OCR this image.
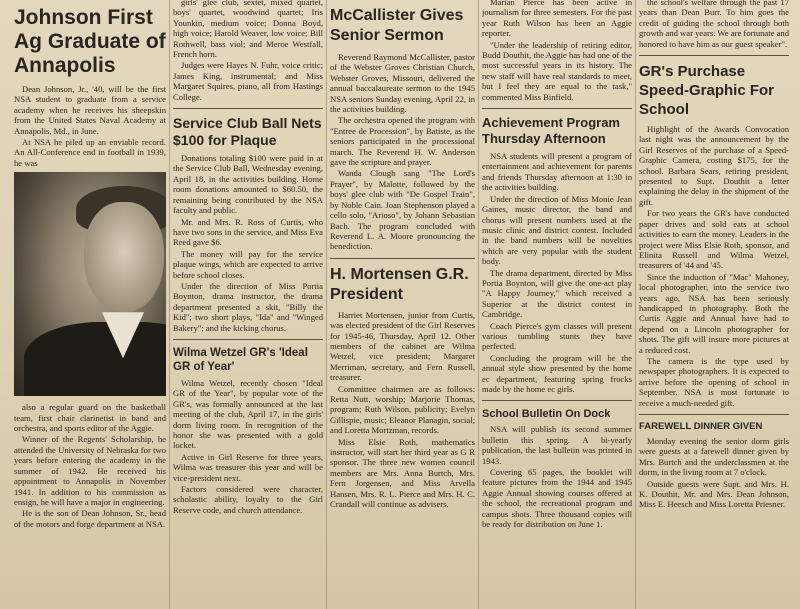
Johnson First Ag Graduate of Annapolis

Dean Johnson, Jr., '40, will be the first NSA student to graduate from a service academy when he receives his sheepskin from the United States Naval Academy at Annapolis, Md., in June.

At NSA he piled up an enviable record. An All-Conference end in football in 1939, he was

also a regular guard on the basketball team, first chair clarinetist in band and orchestra, and sports editor of the Aggie.

Winner of the Regents' Scholarship, he attended the University of Nebraska for two years before entering the academy in the summer of 1942. He received his appointment to Annapolis in November 1941. In addition to his commission as ensign, he will have a major in engineering.

He is the son of Dean Johnson, Sr., head of the motors and forge department at NSA.

girls' glee club, sextet, mixed quartet, boys' quartet, woodwind quartet; Iris Younkin, medium voice; Donna Boyd, high voice; Harold Weaver, low voice; Bill Rothwell, bass viol; and Meroe Westfall, French horn.

Judges were Hayes N. Fuhr, voice critic; James King, instrumental; and Miss Margaret Squires, piano, all from Hastings College.

Service Club Ball Nets $100 for Plaque

Donations totaling $100 were paid in at the Service Club Ball, Wednesday evening, April 18, in the activities building. Home room donations amounted to $60.50, the remaining being contributed by the NSA faculty and public.

Mr. and Mrs. R. Ross of Curtis, who have two sons in the service, and Miss Eva Reed gave $6.

The money will pay for the service plaque wings, which are expected to arrive before school closes.

Under the direction of Miss Portia Boynton, drama instructor, the drama department presented a skit, "Billy the Kid"; two short plays, "Ida" and "Winged Bakery"; and the kicking chorus.

Wilma Wetzel GR's 'Ideal GR of Year'

Wilma Wetzel, recently chosen "Ideal GR of the Year", by popular vote of the GR's, was formally announced at the last meeting of the club, April 17, in the girls' dorm living room. In recognition of the honor she was presented with a gold locket.

Active in Girl Reserve for three years, Wilma was treasurer this year and will be vice-president next.

Factors considered were character, scholastic ability, loyalty to the Girl Reserve code, and church attendance.

McCallister Gives Senior Sermon

Reverend Raymond McCallister, pastor of the Webster Groves Christian Church, Webster Groves, Missouri, delivered the annual baccalaureate sermon to the 1945 NSA seniors Sunday evening, April 22, in the activities building.

The orchestra opened the program with "Entree de Procession", by Batiste, as the seniors participated in the processional march. The Reverend H. W. Anderson gave the scripture and prayer.

Wanda Clough sang "The Lord's Prayer", by Malotte, followed by the boys' glee club with "De Gospel Train", by Noble Cain. Joan Stephenson played a cello solo, "Arioso", by Johann Sebastian Bach. The program concluded with Reverend L. A. Moore pronouncing the benediction.

H. Mortensen G.R. President

Harriet Mortensen, junior from Curtis, was elected president of the Girl Reserves for 1945-46, Thursday, April 12. Other members of the cabinet are Wilma Wetzel, vice president; Margaret Merriman, secretary, and Fern Russell, treasurer.

Committee chairmen are as follows: Retta Nutt, worship; Marjorie Thomas, program; Ruth Wilson, publicity; Evelyn Gillispie, music; Eleanor Planagin, social; and Loretta Mortzman, records.

Miss Elsie Roth, mathematics instructor, will start her third year as G R sponsor. The three new women council members are Mrs. Anna Burtch, Mrs. Fern Jorgensen, and Miss Arvella Hansen, Mrs. R. L. Pierce and Mrs. H. C. Crandall will continue as advisers.

Marian Pierce has been active in journalism for three semesters. For the past year Ruth Wilson has been an Aggie reporter.

"Under the leadership of retiring editor, Budd Douthit, the Aggie has had one of the most successful years in its history. The new staff will have real standards to meet, but I feel they are equal to the task," commented Miss Binfield.

Achievement Program Thursday Afternoon

NSA students will present a program of entertainment and achievement for parents and friends Thursday afternoon at 1:30 in the activities building.

Under the direction of Miss Monie Jean Gaines, music director, the band and chorus will present numbers used at the music clinic and district contest. Included in the band numbers will be novelties which are very popular with the student body.

The drama department, directed by Miss Portia Boynton, will give the one-act play "A Happy Journey," which received a Superior at the district contest in Cambridge.

Coach Pierce's gym classes will present various tumbling stunts they have perfected.

Concluding the program will be the annual style show presented by the home ec department, featuring spring frocks made by the home ec girls.

School Bulletin On Dock

NSA will publish its second summer bulletin this spring. A bi-yearly publication, the last bulletin was printed in 1943.

Covering 65 pages, the booklet will feature pictures from the 1944 and 1945 Aggie Annual showing courses offered at the school, the recreational program and campus shots. Three thousand copies will be ready for distribution on June 1.

the school's welfare through the past 17 years than Dean Burr. To him goes the credit of guiding the school through both growth and war years. We are fortunate and honored to have him as our guest speaker".

GR's Purchase Speed-Graphic For School

Highlight of the Awards Convocation last night was the announcement by the Girl Reserves of the purchase of a Speed-Graphic Camera, costing $175, for the school. Barbara Sears, retiring president, presented to Supt. Douthit a letter explaining the delay in the shipment of the gift.

For two years the GR's have conducted paper drives and sold eats at school activities to earn the money. Leaders in the project were Miss Elsie Roth, sponsor, and Elinita Russell and Wilma Wetzel, treasurers of '44 and '45.

Since the induction of "Mac" Mahoney, local photographer, into the service two years ago, NSA has been seriously handicapped in photography. Both the Curtis Aggie and Annual have had to depend on a Lincoln photographer for shots. The gift will insure more pictures at a reduced cost.

The camera is the type used by newspaper photographers. It is expected to arrive before the opening of school in September. NSA is most fortunate to receive a much-needed gift.

FAREWELL DINNER GIVEN

Monday evening the senior dorm girls were guests at a farewell dinner given by Mrs. Burtch and the underclassmen at the dorm, in the living room at 7 o'clock.

Outside guests were Supt. and Mrs. H. K. Douthit, Mr. and Mrs. Dean Johnson, Miss E. Heesch and Miss Loretta Priesner.
